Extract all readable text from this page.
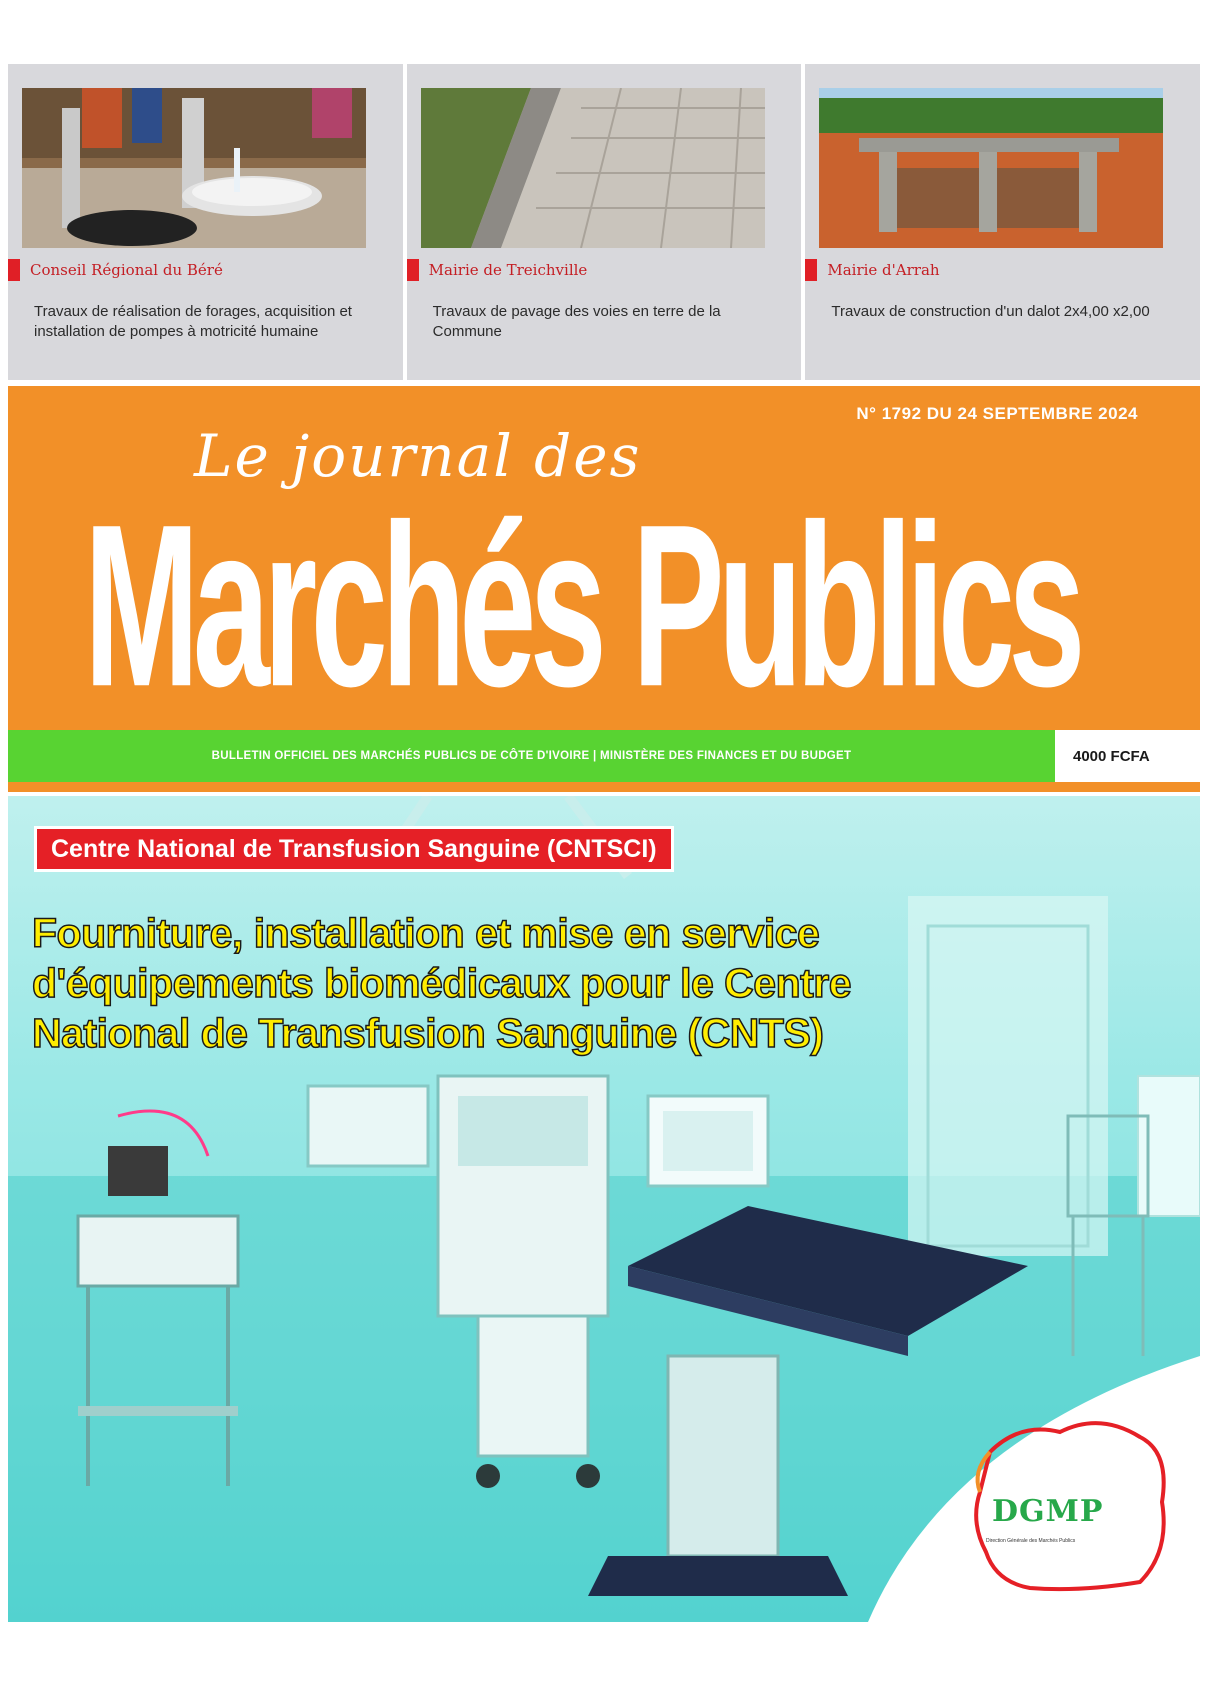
Conseil Régional du Béré
Travaux de réalisation de forages, acquisition et installation de pompes à motricité humaine
Mairie de Treichville
Travaux de pavage des voies en terre de la Commune
Mairie d'Arrah
Travaux de construction d'un dalot 2x4,00 x2,00
N° 1792 DU 24 SEPTEMBRE 2024
Le journal des
Marchés Publics
BULLETIN OFFICIEL DES MARCHÉS PUBLICS DE CÔTE D'IVOIRE | MINISTÈRE DES FINANCES ET DU BUDGET	4000 FCFA
Centre National de Transfusion Sanguine (CNTSCI)
Fourniture, installation et mise en service d'équipements biomédicaux pour le Centre National de Transfusion Sanguine (CNTS)
DGMP
Direction Générale des Marchés Publics
